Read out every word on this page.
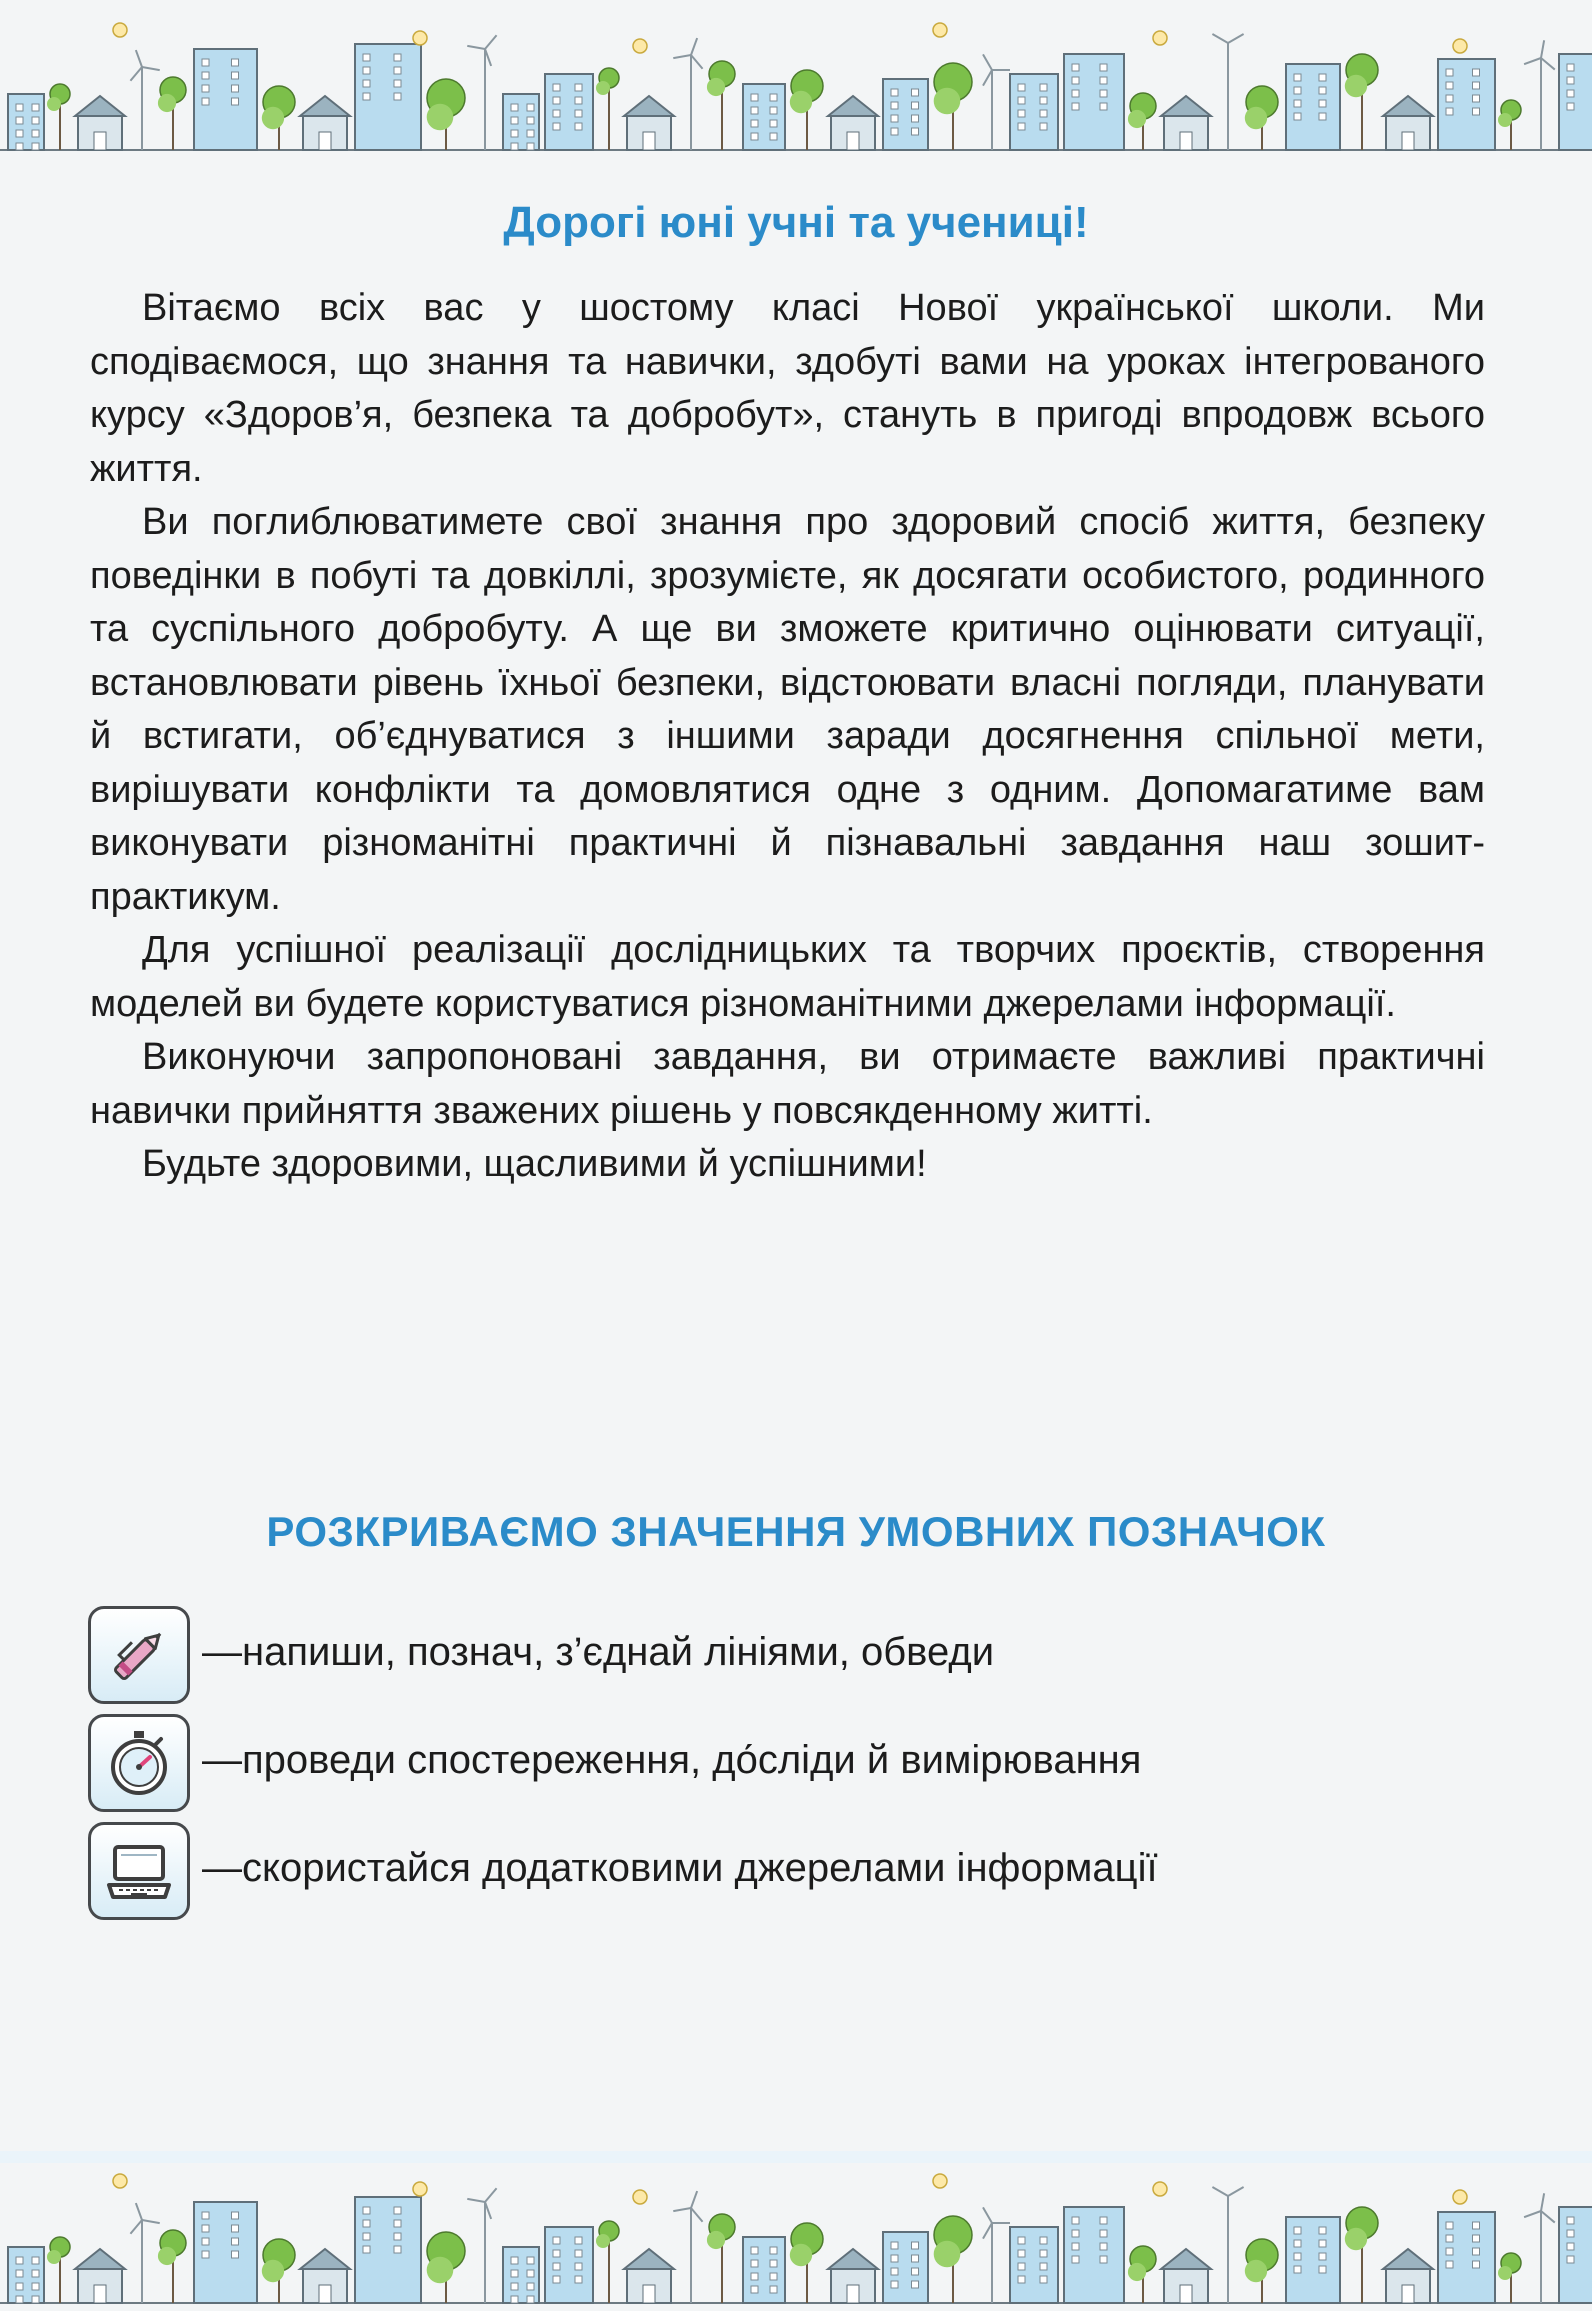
Дорогі юні учні та учениці!

Вітаємо всіх вас у шостому класі Нової української школи. Ми сподіваємося, що знання та навички, здобуті вами на уроках інтегрованого курсу «Здоров’я, безпека та добробут», стануть в пригоді впродовж всього життя.

Ви поглиблюватимете свої знання про здоровий спосіб життя, безпеку поведінки в побуті та довкіллі, зрозумієте, як досягати особистого, родинного та суспільного добробуту. А ще ви зможете критично оцінювати ситуації, встановлювати рівень їхньої безпеки, відстоювати власні погляди, планувати й встигати, об’єднуватися з іншими заради досягнення спільної мети, вирішувати конфлікти та домовлятися одне з одним. Допомагатиме вам виконувати різноманітні практичні й пізнавальні завдання наш зошит-практикум.

Для успішної реалізації дослідницьких та творчих проєктів, створення моделей ви будете користуватися різноманітними джерелами інформації.

Виконуючи запропоновані завдання, ви отримаєте важливі практичні навички прийняття зважених рішень у повсякденному житті.

Будьте здоровими, щасливими й успішними!

РОЗКРИВАЄМО ЗНАЧЕННЯ УМОВНИХ ПОЗНАЧОК
—напиши, познач, з’єднай лініями, обведи
—проведи спостереження, до́сліди й вимірювання
—скористайся додатковими джерелами інформації
